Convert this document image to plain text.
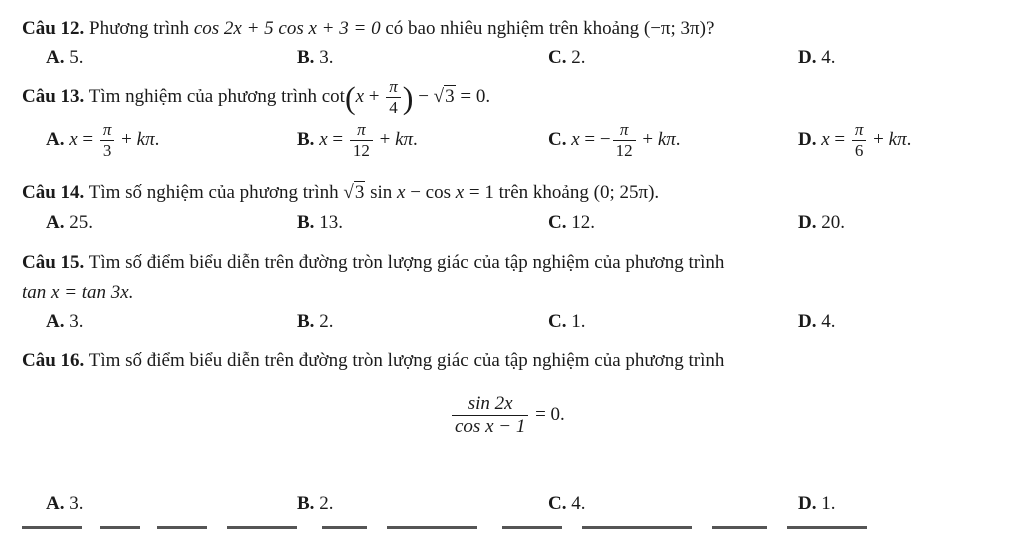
Câu 12. Phương trình cos 2x + 5 cos x + 3 = 0 có bao nhiêu nghiệm trên khoảng (−π; 3π)?
A. 5.	B. 3.	C. 2.	D. 4.
Câu 13. Tìm nghiệm của phương trình $\cot(x + \frac{\pi}{4}$ ) − √3 = 0.
A. $x = \frac{\pi}{3} + k\pi$.	B. $x = \frac{\pi}{12} + k\pi$.	C. x = − $\frac{\pi}{12} + k\pi$.	D. $x = \frac{\pi}{6} + k\pi$.
Câu 14. Tìm số nghiệm của phương trình √3 sin x − cos x = 1 trên khoảng (0; 25π).
A. 25.	B. 13.	C. 12.	D. 20.
Câu 15. Tìm số điểm biểu diễn trên đường tròn lượng giác của tập nghiệm của phương trình
tan x = tan 3x.
A. 3.	B. 2.	C. 1.	D. 4.
Câu 16. Tìm số điểm biểu diễn trên đường tròn lượng giác của tập nghiệm của phương trình
$\frac{\sin 2x}{\text{cos x − 1}} = 0$.
A. 3.	B. 2.	C. 4.	D. 1.
